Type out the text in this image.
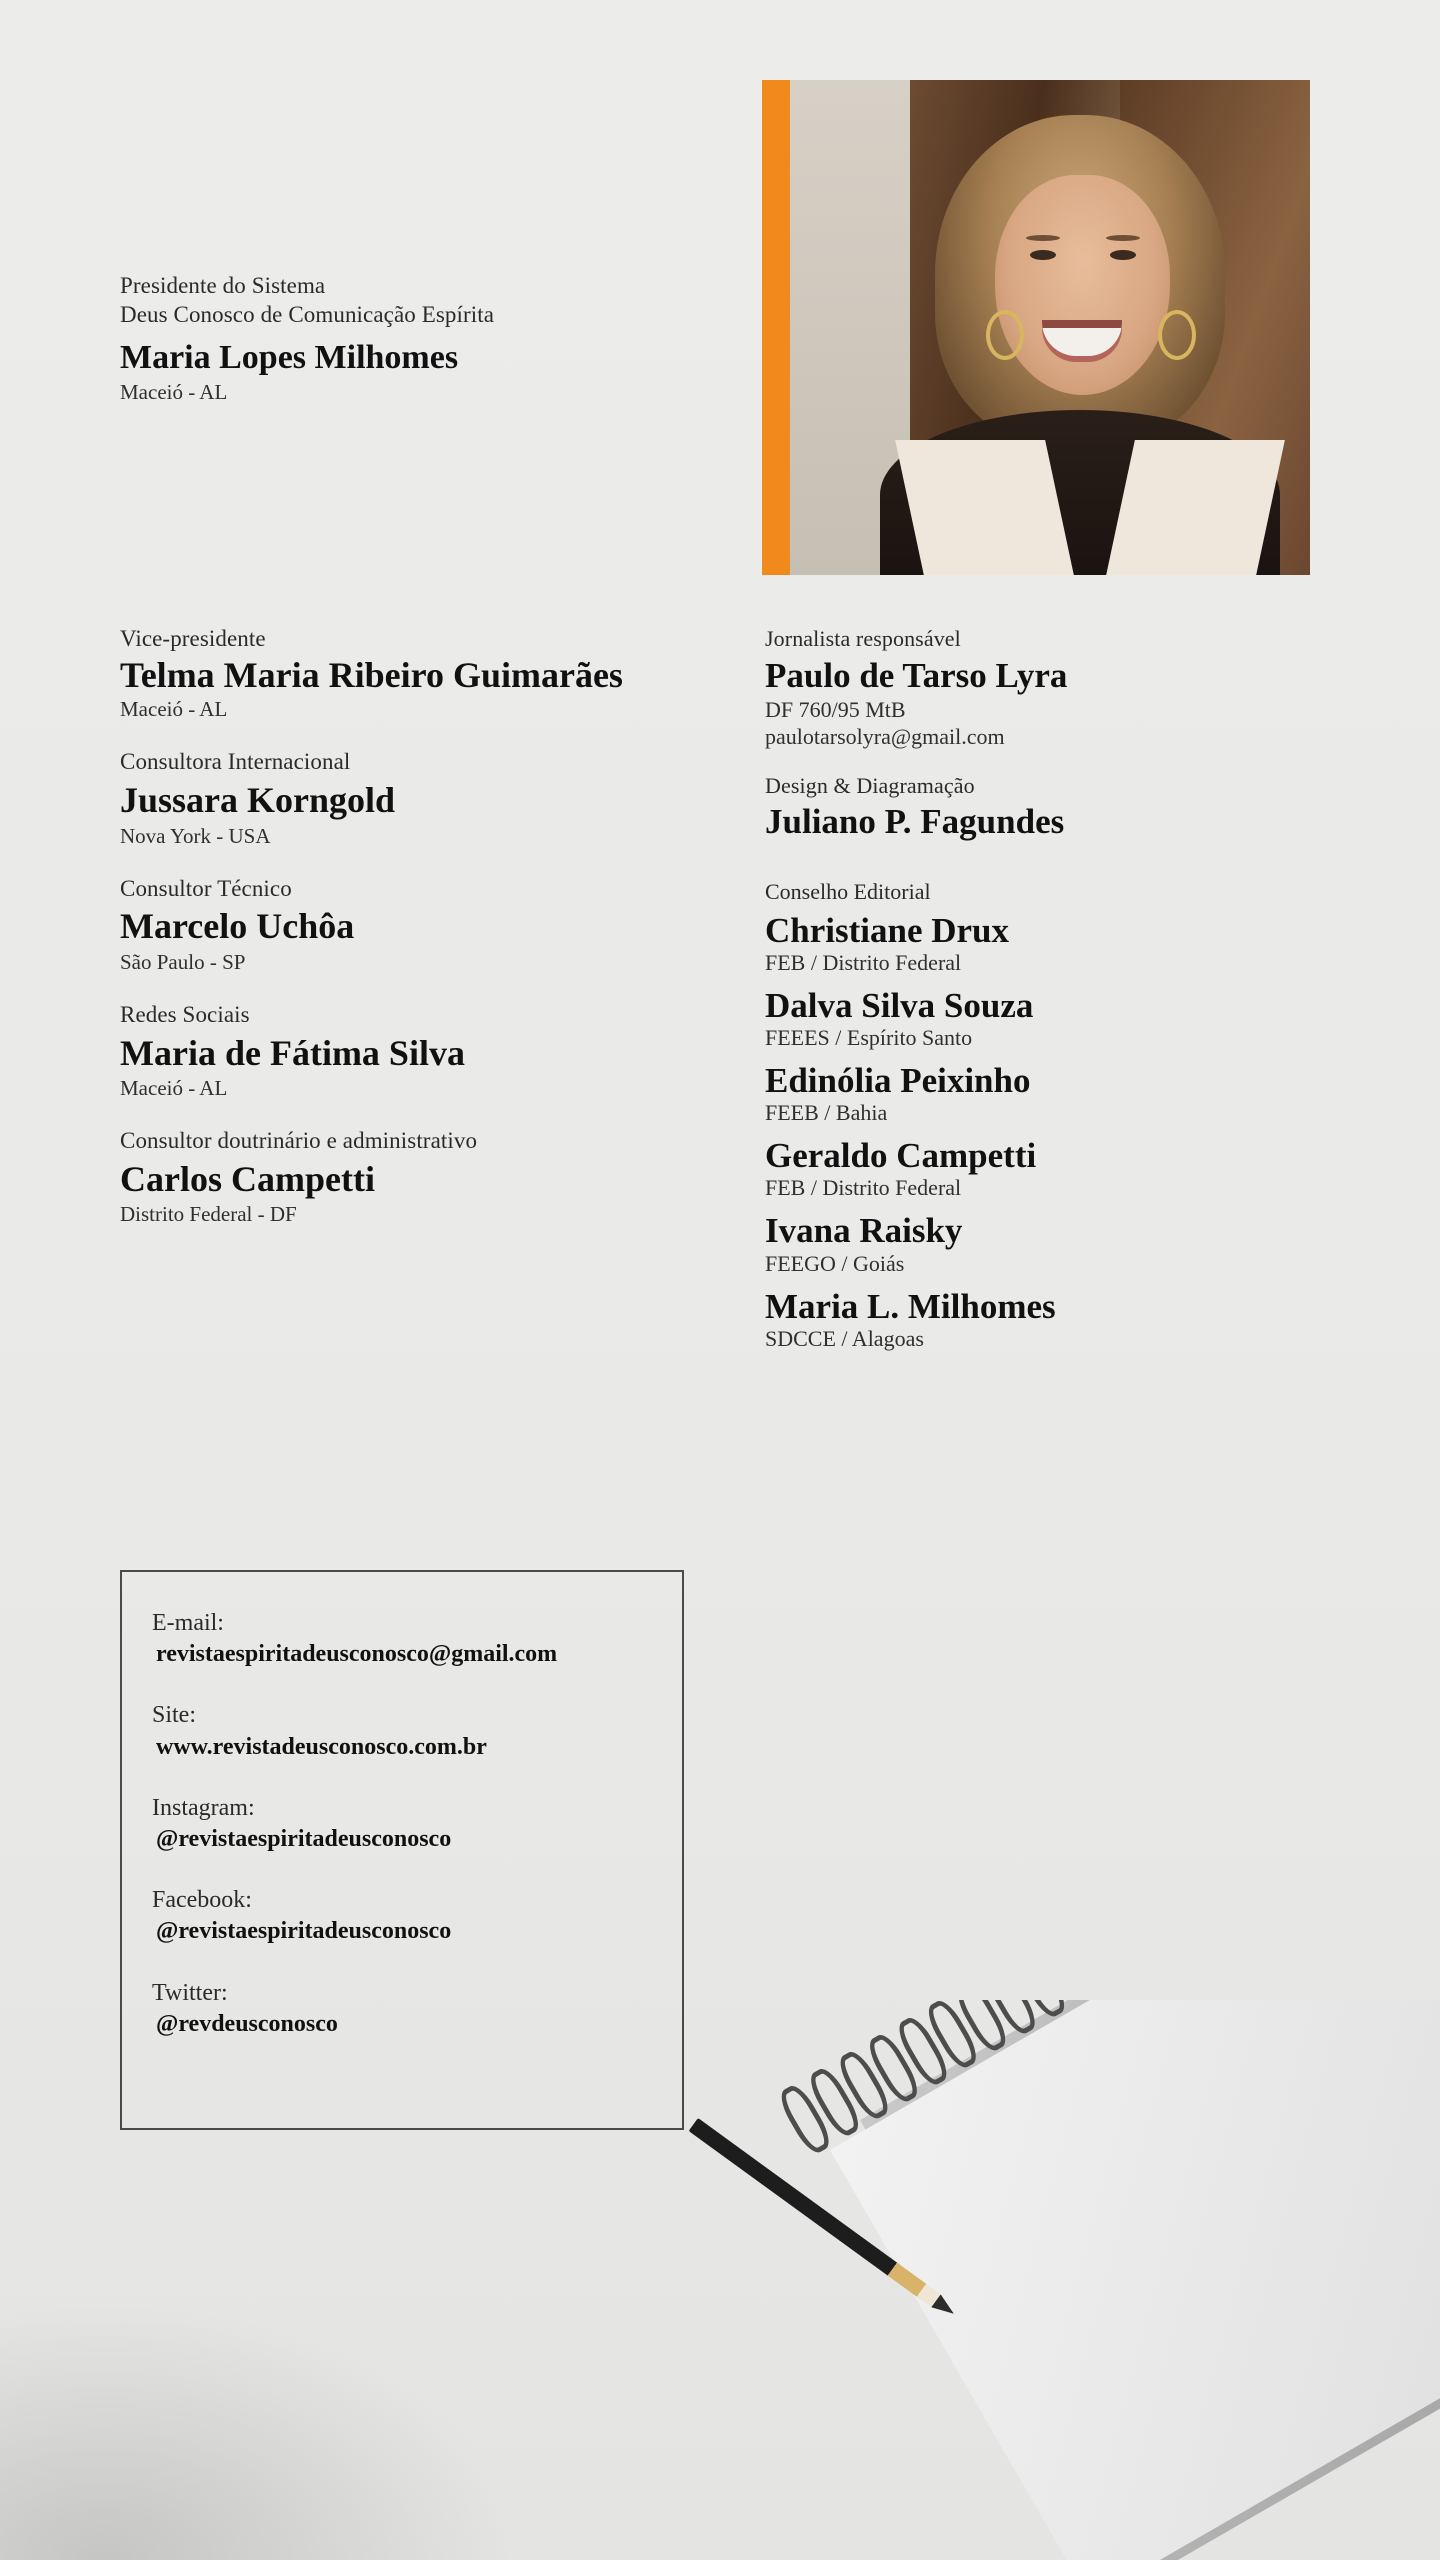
Presidente do Sistema
Deus Conosco de Comunicação Espírita
Maria Lopes Milhomes
Maceió - AL
Vice-presidente
Telma Maria Ribeiro Guimarães
Maceió - AL
Consultora Internacional
Jussara Korngold
Nova York - USA
Consultor Técnico
Marcelo Uchôa
São Paulo - SP
Redes Sociais
Maria de Fátima Silva
Maceió - AL
Consultor doutrinário e administrativo
Carlos Campetti
Distrito Federal - DF
Jornalista responsável
Paulo de Tarso Lyra
DF 760/95 MtB
paulotarsolyra@gmail.com
Design & Diagramação
Juliano P. Fagundes
Conselho Editorial
Christiane Drux
FEB / Distrito Federal
Dalva Silva Souza
FEEES / Espírito Santo
Edinólia Peixinho
FEEB / Bahia
Geraldo Campetti
FEB / Distrito Federal
Ivana Raisky
FEEGO / Goiás
Maria L. Milhomes
SDCCE / Alagoas
E-mail:
revistaespiritadeusconosco@gmail.com
Site:
www.revistadeusconosco.com.br
Instagram:
@revistaespiritadeusconosco
Facebook:
@revistaespiritadeusconosco
Twitter:
@revdeusconosco
